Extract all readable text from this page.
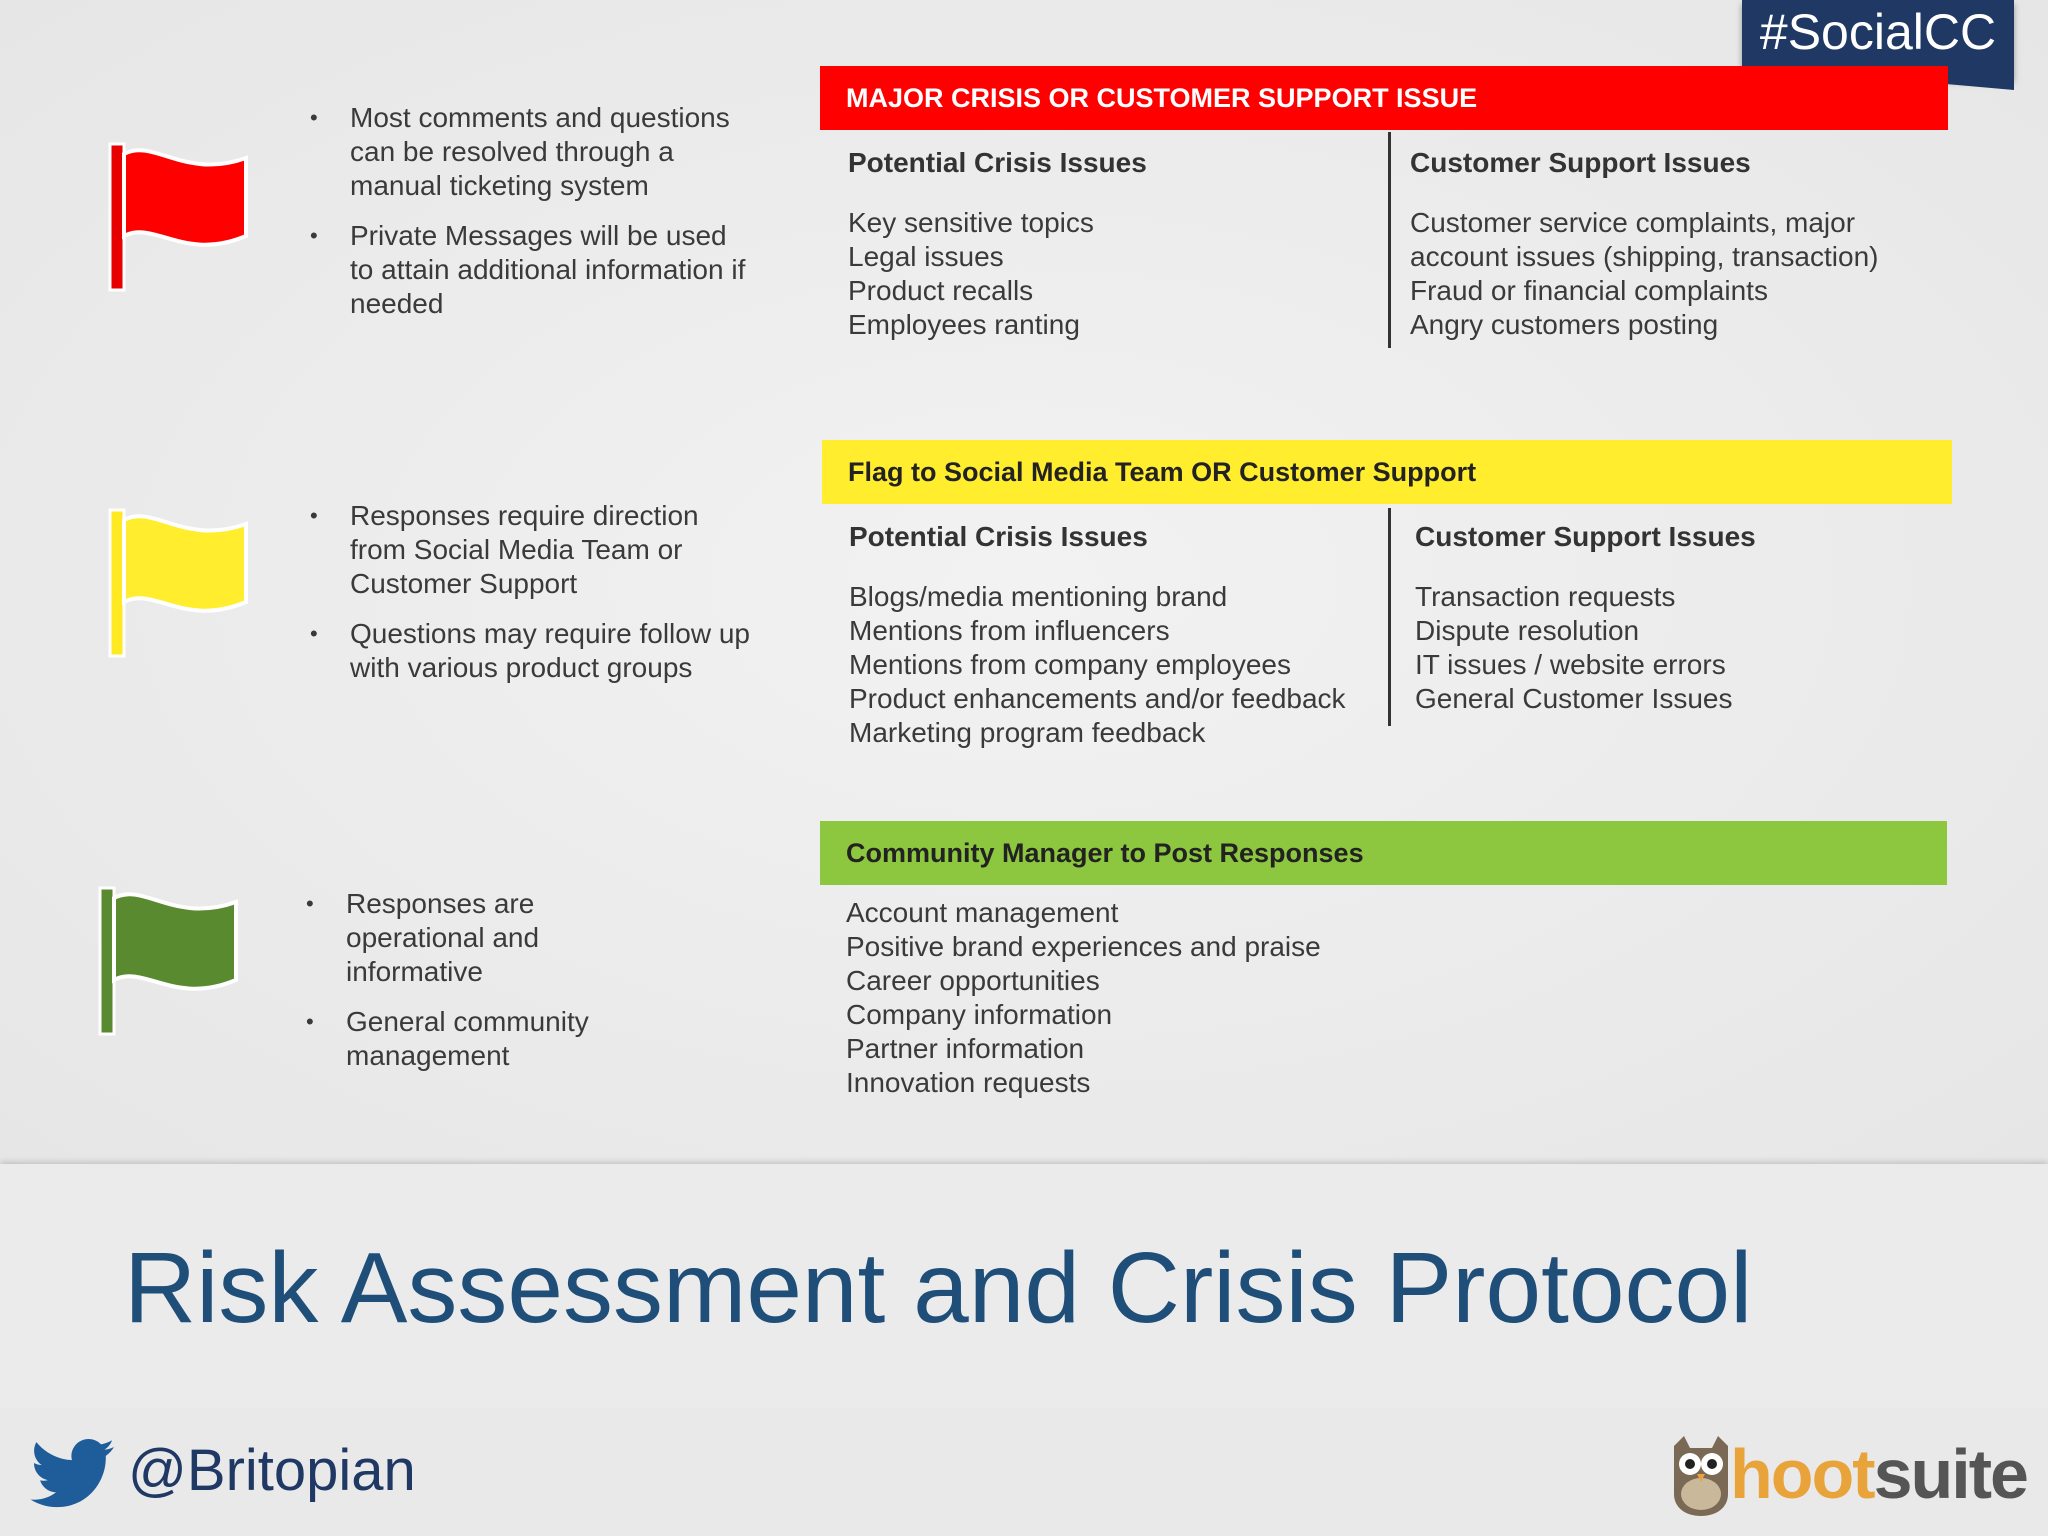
#SocialCC
• Most comments and questions can be resolved through a manual ticketing system
• Private Messages will be used to attain additional information if needed
MAJOR CRISIS OR CUSTOMER SUPPORT ISSUE
Potential Crisis Issues
Key sensitive topics
Legal issues
Product recalls
Employees ranting
Customer Support Issues
Customer service complaints, major account issues (shipping, transaction)
Fraud or financial complaints
Angry customers posting
• Responses require direction from Social Media Team or Customer Support
• Questions may require follow up with various product groups
Flag to Social Media Team OR Customer Support
Potential Crisis Issues
Blogs/media mentioning brand
Mentions from influencers
Mentions from company employees
Product enhancements and/or feedback
Marketing program feedback
Customer Support Issues
Transaction requests
Dispute resolution
IT issues / website errors
General Customer Issues
• Responses are operational and informative
• General community management
Community Manager to Post Responses
Account management
Positive brand experiences and praise
Career opportunities
Company information
Partner information
Innovation requests
Risk Assessment and Crisis Protocol
@Britopian	hootsuite
